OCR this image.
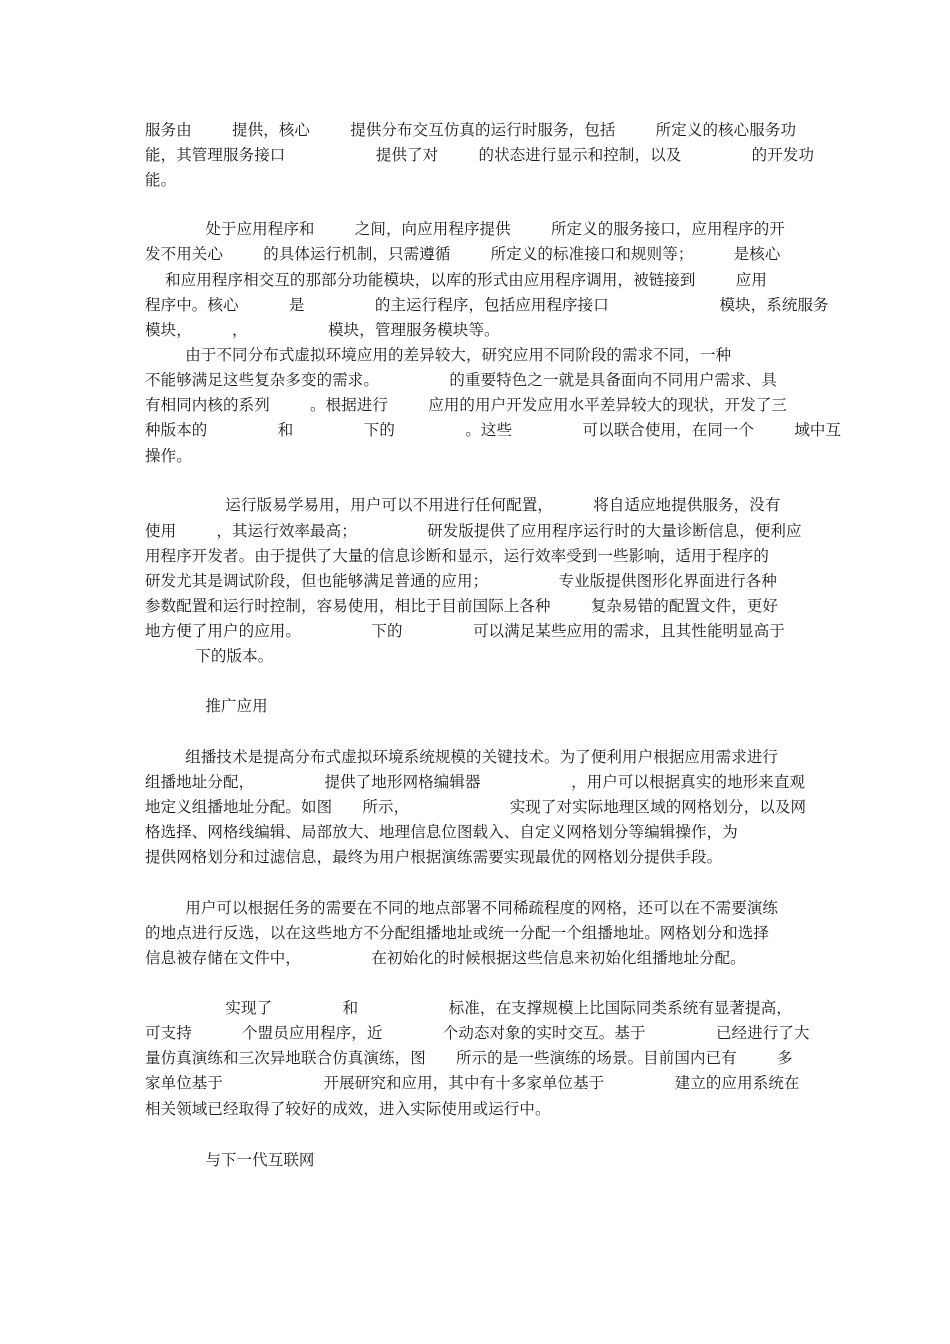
服务由        提供，核心        提供分布交互仿真的运行时服务，包括        所定义的核心服务功
能，其管理服务接口                  提供了对        的状态进行显示和控制，以及              的开发功
能。
处于应用程序和        之间，向应用程序提供        所定义的服务接口，应用程序的开
发不用关心        的具体运行机制，只需遵循        所定义的标准接口和规则等；        是核心
和应用程序相交互的那部分功能模块，以库的形式由应用程序调用，被链接到        应用
程序中。核心          是              的主运行程序，包括应用程序接口                      模块，系统服务
模块，        ，                模块，管理服务模块等。
由于不同分布式虚拟环境应用的差异较大，研究应用不同阶段的需求不同，一种
不能够满足这些复杂多变的需求。              的重要特色之一就是具备面向不同用户需求、具
有相同内核的系列        。根据进行        应用的用户开发应用水平差异较大的现状，开发了三
种版本的              和              下的              。这些              可以联合使用，在同一个        域中互
操作。
运行版易学易用，用户可以不用进行任何配置，        将自适应地提供服务，没有
使用        ，其运行效率最高；              研发版提供了应用程序运行时的大量诊断信息，便利应
用程序开发者。由于提供了大量的信息诊断和显示，运行效率受到一些影响，适用于程序的
研发尤其是调试阶段，但也能够满足普通的应用；              专业版提供图形化界面进行各种
参数配置和运行时控制，容易使用，相比于目前国际上各种        复杂易错的配置文件，更好
地方便了用户的应用。              下的              可以满足某些应用的需求，且其性能明显高于
下的版本。
推广应用
组播技术是提高分布式虚拟环境系统规模的关键技术。为了便利用户根据应用需求进行
组播地址分配，              提供了地形网格编辑器                  ，用户可以根据真实的地形来直观
地定义组播地址分配。如图      所示，                    实现了对实际地理区域的网格划分，以及网
格选择、网格线编辑、局部放大、地理信息位图载入、自定义网格划分等编辑操作，为
提供网格划分和过滤信息，最终为用户根据演练需要实现最优的网格划分提供手段。
用户可以根据任务的需要在不同的地点部署不同稀疏程度的网格，还可以在不需要演练
的地点进行反选，以在这些地方不分配组播地址或统一分配一个组播地址。网格划分和选择
信息被存储在文件中，              在初始化的时候根据这些信息来初始化组播地址分配。
实现了              和                  标准，在支撑规模上比国际同类系统有显著提高，
可支持          个盟员应用程序，近            个动态对象的实时交互。基于              已经进行了大
量仿真演练和三次异地联合仿真演练，图      所示的是一些演练的场景。目前国内已有        多
家单位基于                    开展研究和应用，其中有十多家单位基于              建立的应用系统在
相关领域已经取得了较好的成效，进入实际使用或运行中。
与下一代互联网
